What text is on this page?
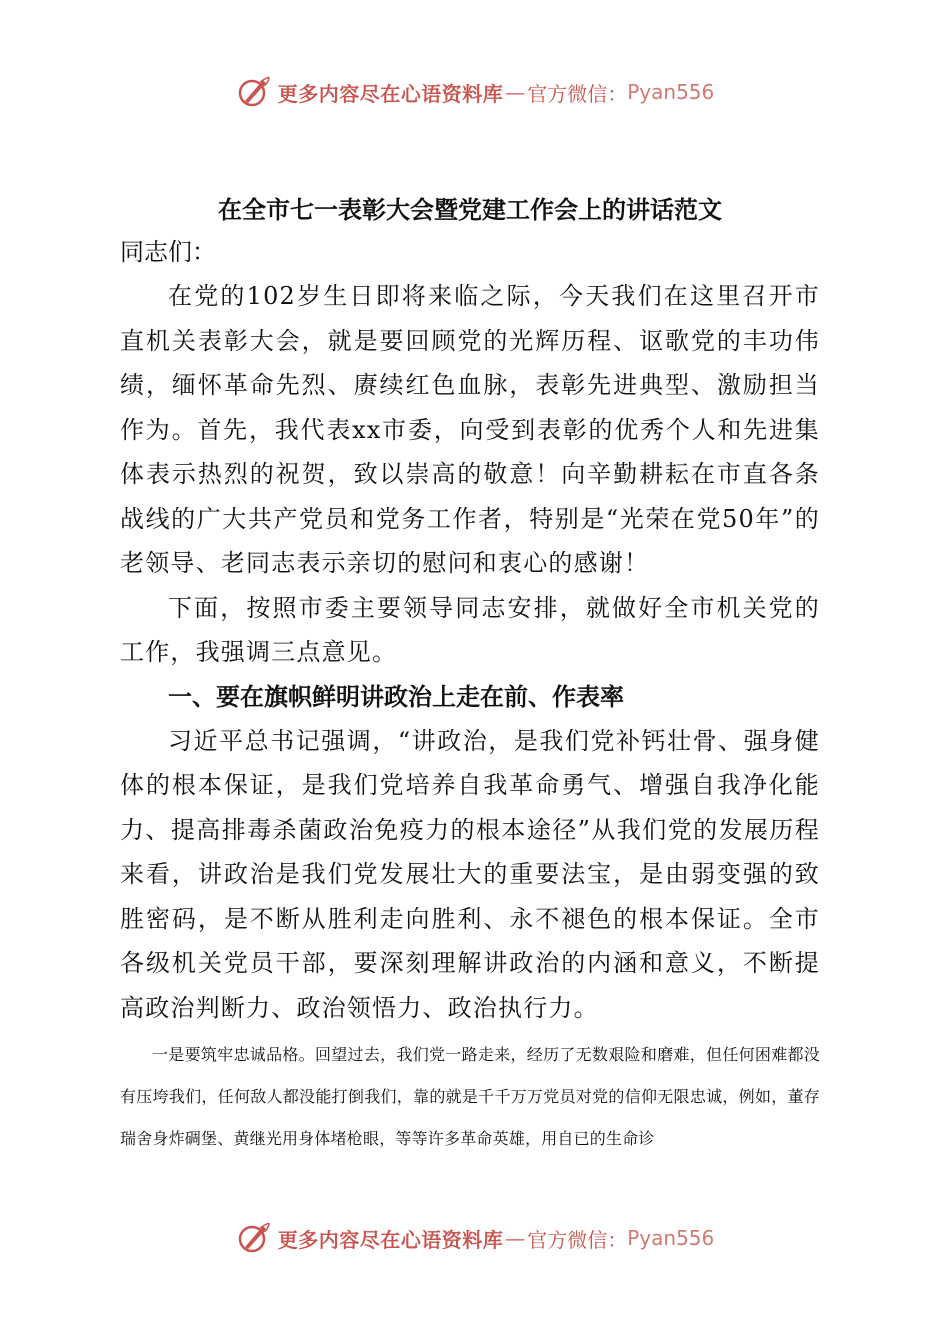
更多内容尽在心语资料库 — 官方微信： Pyan556
在全市七一表彰大会暨党建工作会上的讲话范文

同志们：

在党的102岁生日即将来临之际，今天我们在这里召开市直机关表彰大会，就是要回顾党的光辉历程、讴歌党的丰功伟绩，缅怀革命先烈、赓续红色血脉，表彰先进典型、激励担当作为。首先，我代表xx市委，向受到表彰的优秀个人和先进集体表示热烈的祝贺，致以崇高的敬意！向辛勤耕耘在市直各条战线的广大共产党员和党务工作者，特别是“光荣在党50年”的老领导、老同志表示亲切的慰问和衷心的感谢！

下面，按照市委主要领导同志安排，就做好全市机关党的工作，我强调三点意见。

一、要在旗帜鲜明讲政治上走在前、作表率

习近平总书记强调，“讲政治，是我们党补钙壮骨、强身健体的根本保证，是我们党培养自我革命勇气、增强自我净化能力、提高排毒杀菌政治免疫力的根本途径”从我们党的发展历程来看，讲政治是我们党发展壮大的重要法宝，是由弱变强的致胜密码，是不断从胜利走向胜利、永不褪色的根本保证。全市各级机关党员干部，要深刻理解讲政治的内涵和意义，不断提高政治判断力、政治领悟力、政治执行力。

一是要筑牢忠诚品格。回望过去，我们党一路走来，经历了无数艰险和磨难，但任何困难都没有压垮我们，任何敌人都没能打倒我们，靠的就是千千万万党员对党的信仰无限忠诚，例如，董存瑞舍身炸碉堡、黄继光用身体堵枪眼，等等许多革命英雄，用自已的生命诊

更多内容尽在心语资料库 — 官方微信： Pyan556
